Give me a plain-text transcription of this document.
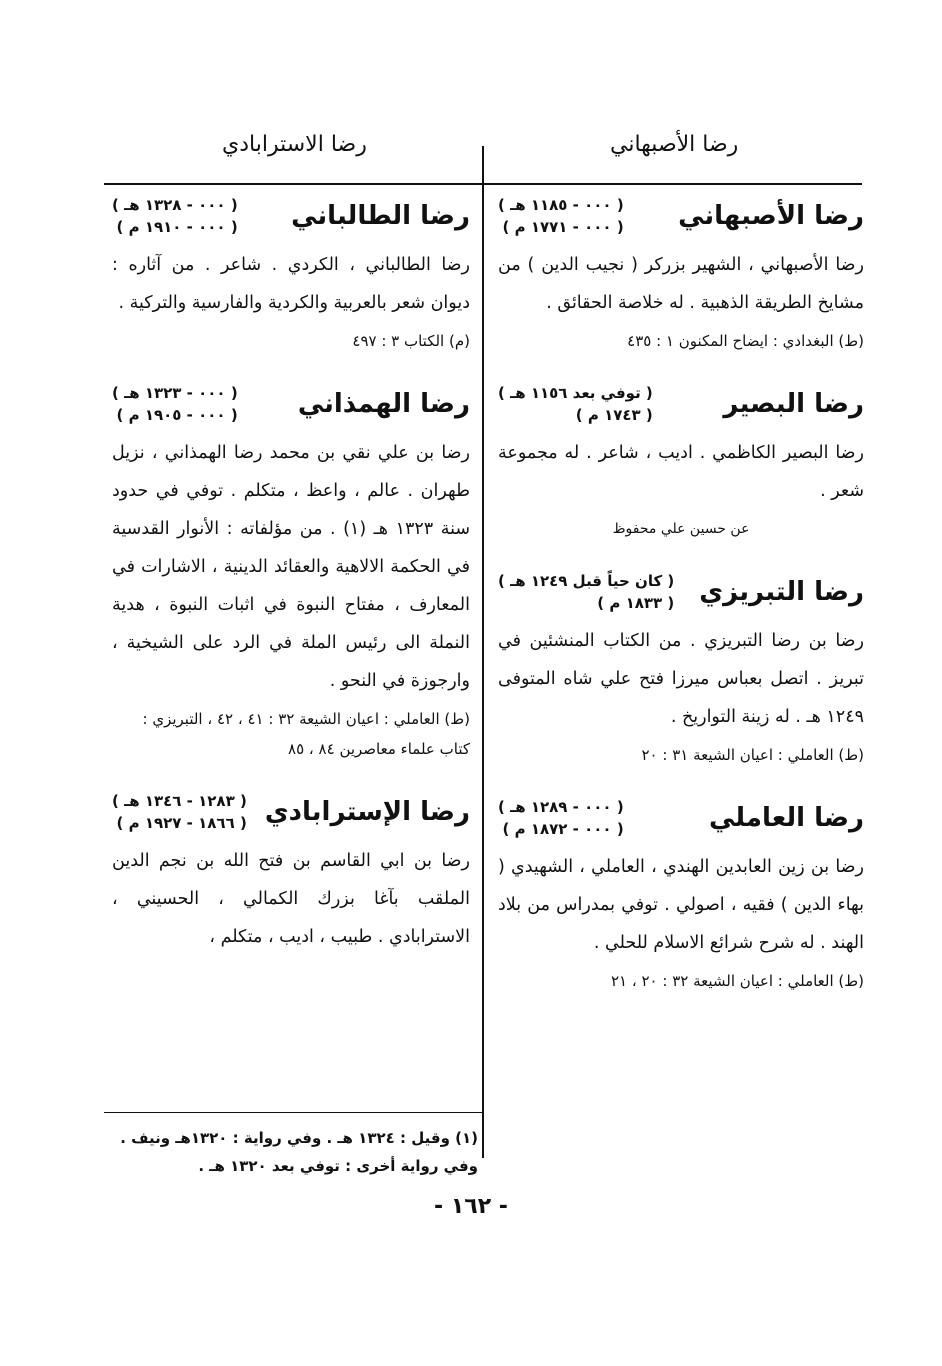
رضا الأصبهاني
رضا الاسترابادي
رضا الأصبهاني
( ٠٠٠ - ١١٨٥ هـ )
( ٠٠٠ - ١٧٧١ م )
رضا الأصبهاني ، الشهير بزركر ( نجيب الدين ) من مشايخ الطريقة الذهبية . له خلاصة الحقائق .
(ط) البغدادي : ايضاح المكنون ١ : ٤٣٥
رضا البصير
( توفي بعد ١١٥٦ هـ )
( ١٧٤٣ م )
رضا البصير الكاظمي . اديب ، شاعر . له مجموعة شعر .
عن حسين علي محفوظ
رضا التبريزي
( كان حياً قبل ١٢٤٩ هـ )
( ١٨٣٣ م )
رضا بن رضا التبريزي . من الكتاب المنشئين في تبريز . اتصل بعباس ميرزا فتح علي شاه المتوفى ١٢٤٩ هـ . له زينة التواريخ .
(ط) العاملي : اعيان الشيعة ٣١ : ٢٠
رضا العاملي
( ٠٠٠ - ١٢٨٩ هـ )
( ٠٠٠ - ١٨٧٢ م )
رضا بن زين العابدين الهندي ، العاملي ، الشهيدي ( بهاء الدين ) فقيه ، اصولي . توفي بمدراس من بلاد الهند . له شرح شرائع الاسلام للحلي .
(ط) العاملي : اعيان الشيعة ٣٢ : ٢٠ ، ٢١
رضا الطالباني
( ٠٠٠ - ١٣٢٨ هـ )
( ٠٠٠ - ١٩١٠ م )
رضا الطالباني ، الكردي . شاعر . من آثاره : ديوان شعر بالعربية والكردية والفارسية والتركية .
(م) الكتاب ٣ : ٤٩٧
رضا الهمذاني
( ٠٠٠ - ١٣٢٣ هـ )
( ٠٠٠ - ١٩٠٥ م )
رضا بن علي نقي بن محمد رضا الهمذاني ، نزيل طهران . عالم ، واعظ ، متكلم . توفي في حدود سنة ١٣٢٣ هـ (١) . من مؤلفاته : الأنوار القدسية في الحكمة الالاهية والعقائد الدينية ، الاشارات في المعارف ، مفتاح النبوة في اثبات النبوة ، هدية النملة الى رئيس الملة في الرد على الشيخية ، وارجوزة في النحو .
(ط) العاملي : اعيان الشيعة ٣٢ : ٤١ ، ٤٢ ، التبريزي : كتاب علماء معاصرين ٨٤ ، ٨٥
رضا الإسترابادي
( ١٢٨٣ - ١٣٤٦ هـ )
( ١٨٦٦ - ١٩٢٧ م )
رضا بن ابي القاسم بن فتح الله بن نجم الدين الملقب بآغا بزرك الكمالي ، الحسيني ، الاسترابادي . طبيب ، اديب ، متكلم ،
(١) وقيل : ١٣٢٤ هـ . وفي رواية : ١٣٢٠هـ ونيف . وفي رواية أخرى : توفي بعد ١٣٢٠ هـ .
- ١٦٢ -
